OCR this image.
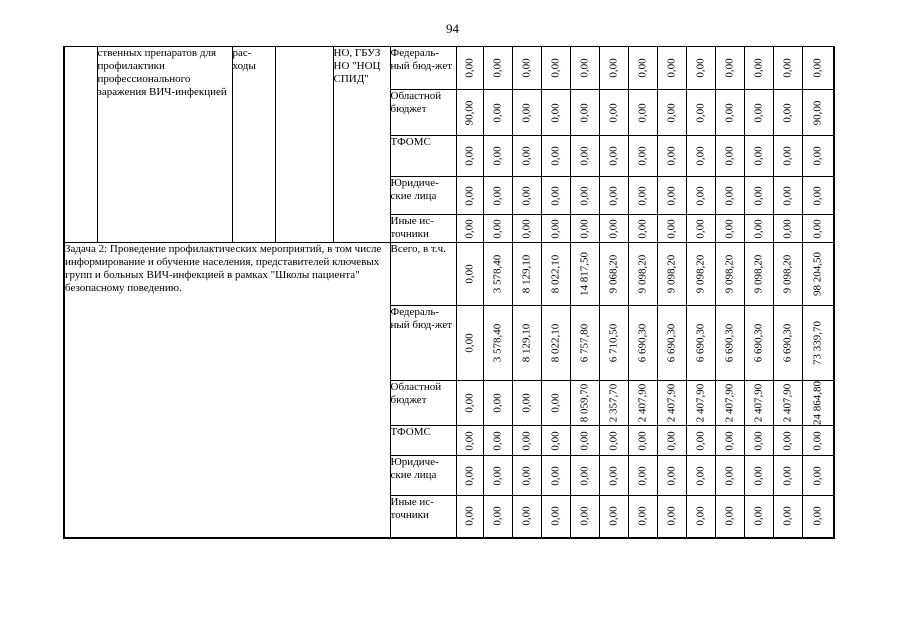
94
	ственных препаратов для профилактики профессионального заражения ВИЧ-инфекцией	рас-ходы		НО, ГБУЗ НО "НОЦ СПИД"	Федераль-ный бюд-жет	0,00	0,00	0,00	0,00	0,00	0,00	0,00	0,00	0,00	0,00	0,00	0,00	0,00

					Областной бюджет	90,00	0,00	0,00	0,00	0,00	0,00	0,00	0,00	0,00	0,00	0,00	0,00	90,00

					ТФОМС	0,00	0,00	0,00	0,00	0,00	0,00	0,00	0,00	0,00	0,00	0,00	0,00	0,00

					Юридиче-ские лица	0,00	0,00	0,00	0,00	0,00	0,00	0,00	0,00	0,00	0,00	0,00	0,00	0,00

					Иные ис-точники	0,00	0,00	0,00	0,00	0,00	0,00	0,00	0,00	0,00	0,00	0,00	0,00	0,00

Задача 2: Проведение профилактических мероприятий, в том числе информирование и обучение населения, представителей ключевых групп и больных ВИЧ-инфекцией в рамках "Школы пациента" безопасному поведению.					Всего, в т.ч.	0,00	3 578,40	8 129,10	8 022,10	14 817,50	9 068,20	9 098,20	9 098,20	9 098,20	9 098,20	9 098,20	9 098,20	98 204,50

					Федераль-ный бюд-жет	0,00	3 578,40	8 129,10	8 022,10	6 757,80	6 710,50	6 690,30	6 690,30	6 690,30	6 690,30	6 690,30	6 690,30	73 339,70

					Областной бюджет	0,00	0,00	0,00	0,00	8 059,70	2 357,70	2 407,90	2 407,90	2 407,90	2 407,90	2 407,90	2 407,90	24 864,80

					ТФОМС	0,00	0,00	0,00	0,00	0,00	0,00	0,00	0,00	0,00	0,00	0,00	0,00	0,00

					Юридиче-ские лица	0,00	0,00	0,00	0,00	0,00	0,00	0,00	0,00	0,00	0,00	0,00	0,00	0,00

					Иные ис-точники	0,00	0,00	0,00	0,00	0,00	0,00	0,00	0,00	0,00	0,00	0,00	0,00	0,00
